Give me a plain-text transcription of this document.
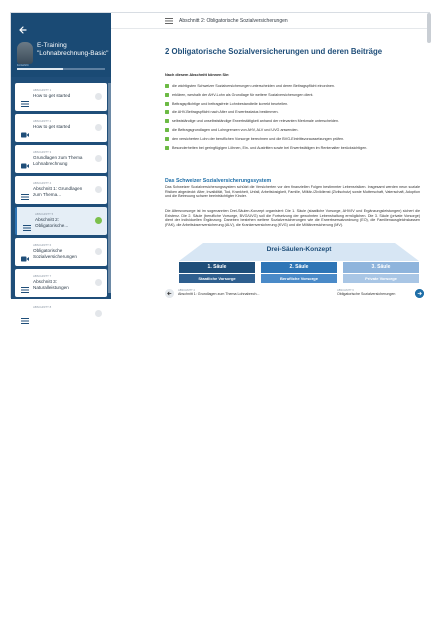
E-Training
"Lohnabrechnung-Basic"
Fortschritt
ABSCHNITT 1
How to get started
ABSCHNITT 2
How to get started
ABSCHNITT 3
Grundlagen zum Thema Lohnabrechnung
ABSCHNITT 4
Abschnitt 1: Grundlagen zum Thema...
ABSCHNITT 5
Abschnitt 2: Obligatorische...
ABSCHNITT 6
Obligatorische Sozialversicherungen
ABSCHNITT 7
Abschnitt 3: Naturalleistungen
ABSCHNITT 8
Abschnitt 2: Obligatorische Sozialversicherungen
2 Obligatorische Sozialversicherungen und deren Beiträge
Nach diesem Abschnitt können Sie:
die wichtigsten Schweizer Sozialversicherungen unterscheiden und deren Beitragspflicht einordnen.
erklären, weshalb der AHV-Lohn als Grundlage für weitere Sozialversicherungen dient.
Beitragspflichtige und beitragsfreie Lohnbestandteile korrekt beurteilen.
die AHV-Beitragspflicht nach Alter und Erwerbsstatus bestimmen.
selbstständige und unselbstständige Erwerbstätigkeit anhand der relevanten Merkmale unterscheiden.
die Beitragsgrundlagen und Lohngrenzen von AHV, ALV und UVG anwenden.
den versicherten Lohn der beruflichen Vorsorge berechnen und die BVG-Eintrittsvoraussetzungen prüfen.
Besonderheiten bei geringfügigen Löhnen, Ein- und Austritten sowie bei Erwerbstätigen im Rentenalter berücksichtigen.
Das Schweizer Sozialversicherungssystem
Das Schweizer Sozialversicherungssystem schützt die Versicherten vor den finanziellen Folgen bestimmter Lebensrisiken. Insgesamt werden neun soziale Risiken abgedeckt: Alter, Invalidität, Tod, Krankheit, Unfall, Arbeitslosigkeit, Familie, Militär-/Zivildienst (Zivilschutz) sowie Mutterschaft, Vaterschaft, Adoption und die Betreuung schwer beeinträchtigter Kinder.
Die Altersvorsorge ist im sogenannten Drei-Säulen-Konzept organisiert: Die 1. Säule (staatliche Vorsorge, AHV/IV und Ergänzungsleistungen) sichert die Existenz. Die 2. Säule (berufliche Vorsorge, BVG/UVG) soll die Fortsetzung der gewohnten Lebenshaltung ermöglichen. Die 3. Säule (private Vorsorge) dient der individuellen Ergänzung. Daneben bestehen weitere Sozialversicherungen wie die Erwerbsersatzordnung (EO), die Familienausgleichskassen (FAK), die Arbeitslosenversicherung (ALV), die Krankenversicherung (KVG) und die Militärversicherung (MV).
Drei-Säulen-Konzept
1. Säule	2. Säule	3. Säule
Staatliche Vorsorge	Berufliche Vorsorge	Private Vorsorge
ABSCHNITT 4
Abschnitt 1: Grundlagen zum Thema Lohnabrech...
ABSCHNITT 6
Obligatorische Sozialversicherungen
